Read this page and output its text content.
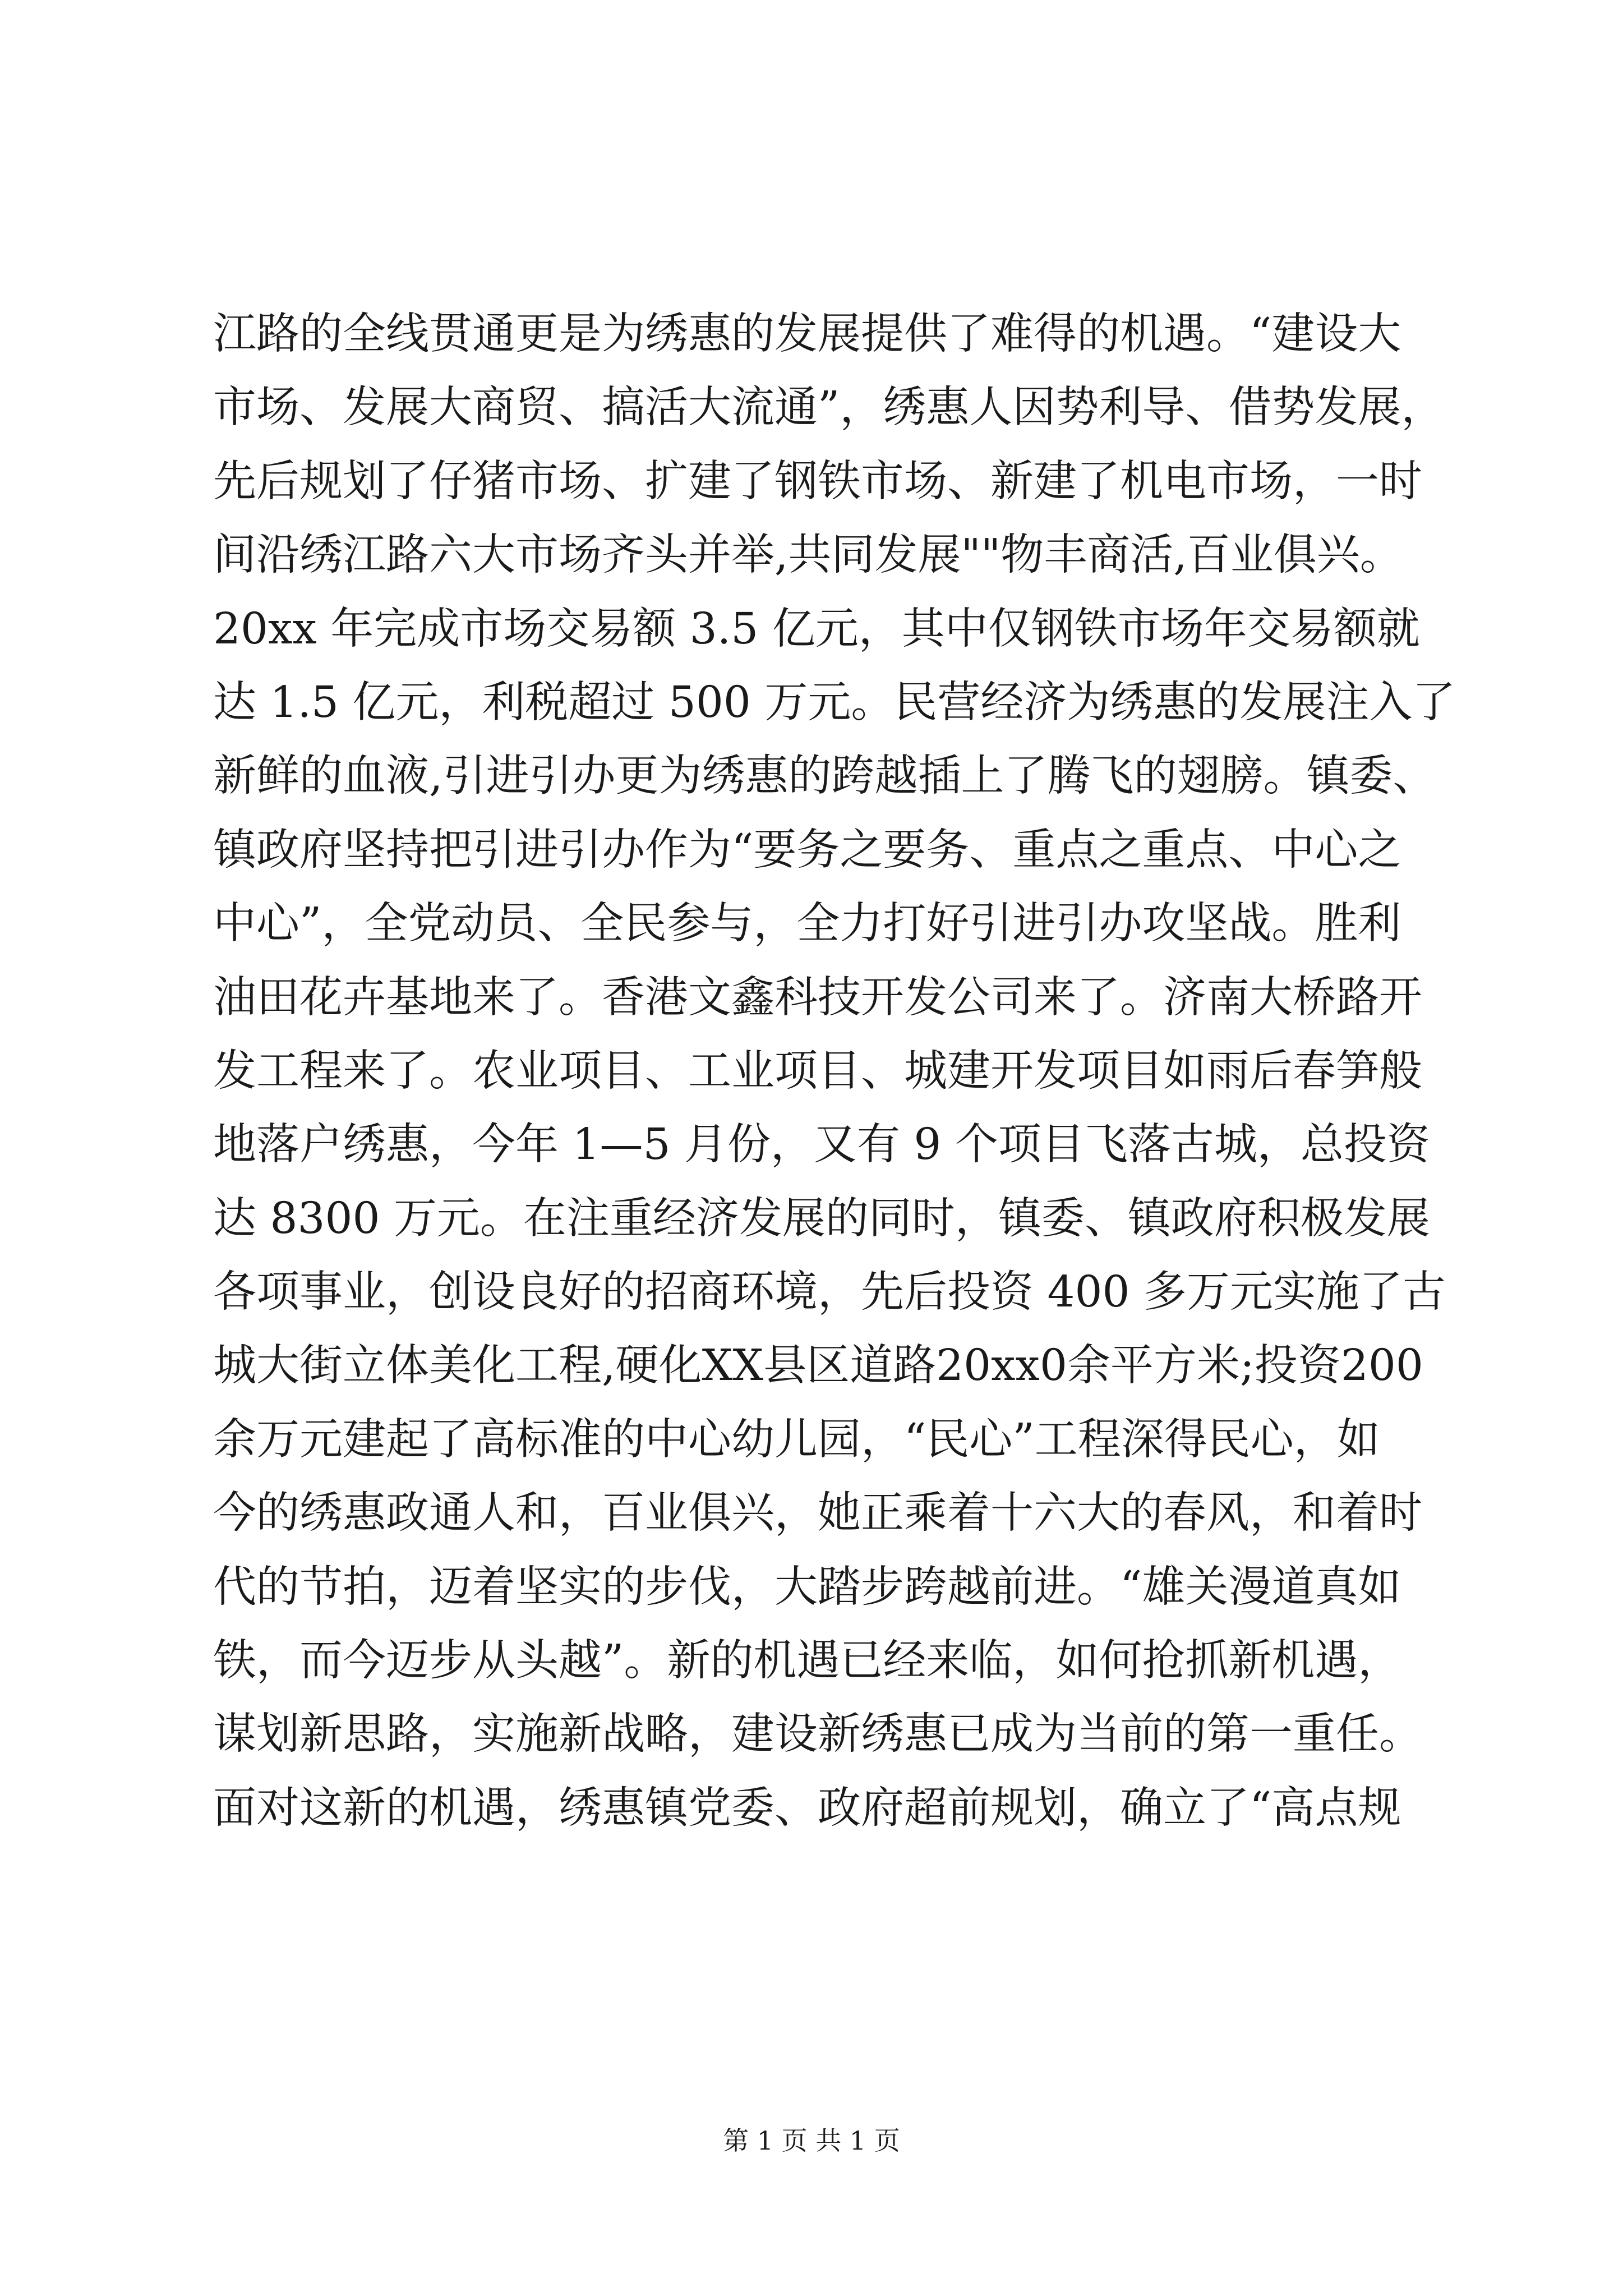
江路的全线贯通更是为绣惠的发展提供了难得的机遇。“建设大
市场、发展大商贸、搞活大流通”，绣惠人因势利导、借势发展，
先后规划了仔猪市场、扩建了钢铁市场、新建了机电市场，一时
间沿绣江路六大市场齐头并举,共同发展""物丰商活,百业俱兴。
20xx 年完成市场交易额 3.5 亿元，其中仅钢铁市场年交易额就
达 1.5 亿元，利税超过 500 万元。民营经济为绣惠的发展注入了
新鲜的血液,引进引办更为绣惠的跨越插上了腾飞的翅膀。镇委、
镇政府坚持把引进引办作为“要务之要务、重点之重点、中心之
中心”，全党动员、全民参与，全力打好引进引办攻坚战。胜利
油田花卉基地来了。香港文鑫科技开发公司来了。济南大桥路开
发工程来了。农业项目、工业项目、城建开发项目如雨后春笋般
地落户绣惠，今年 1—5 月份，又有 9 个项目飞落古城，总投资
达 8300 万元。在注重经济发展的同时，镇委、镇政府积极发展
各项事业，创设良好的招商环境，先后投资 400 多万元实施了古
城大街立体美化工程,硬化XX县区道路20xx0余平方米;投资200
余万元建起了高标准的中心幼儿园，“民心”工程深得民心，如
今的绣惠政通人和，百业俱兴，她正乘着十六大的春风，和着时
代的节拍，迈着坚实的步伐，大踏步跨越前进。“雄关漫道真如
铁，而今迈步从头越”。新的机遇已经来临，如何抢抓新机遇，
谋划新思路，实施新战略，建设新绣惠已成为当前的第一重任。
面对这新的机遇，绣惠镇党委、政府超前规划，确立了“高点规
第 1 页 共 1 页
